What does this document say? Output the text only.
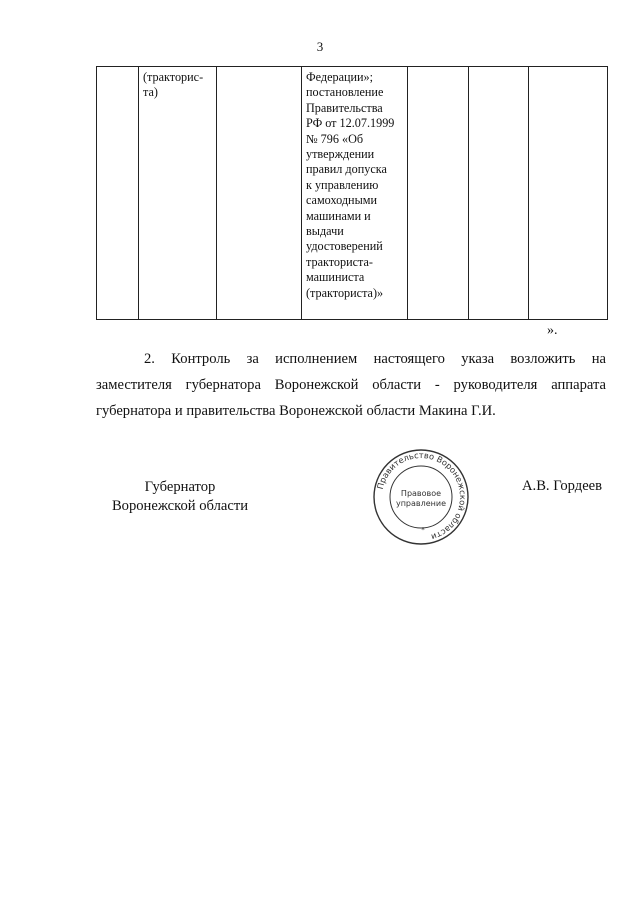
3
(тракторис-
та)
Федерации»;
постановление
Правительства
РФ от 12.07.1999
№ 796 «Об
утверждении
правил допуска
к управлению
самоходными
машинами и
выдачи
удостоверений
тракториста-
машиниста
(тракториста)»
».
2. Контроль за исполнением настоящего указа возложить на
заместителя губернатора Воронежской области - руководителя аппарата губернатора и правительства Воронежской области Макина Г.И.
Губернатор
Воронежской области
Правительство Воронежской области
Правовое
управление
*
А.В. Гордеев
